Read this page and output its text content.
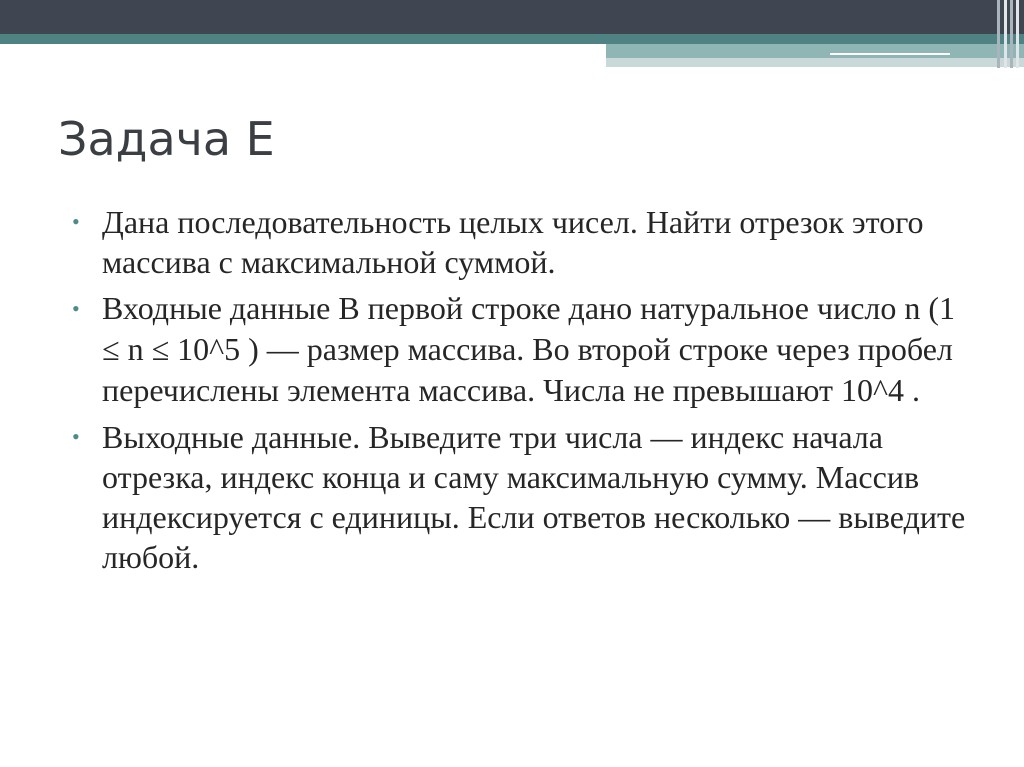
Задача E
• Дана последовательность целых чисел. Найти отрезок этого массива с максимальной суммой.
• Входные данные В первой строке дано натуральное число n (1 ≤ n ≤ 10^5 ) — размер массива. Во второй строке через пробел перечислены элемента массива. Числа не превышают 10^4 .
• Выходные данные. Выведите три числа — индекс начала отрезка, индекс конца и саму максимальную сумму. Массив индексируется с единицы. Если ответов несколько — выведите любой.
